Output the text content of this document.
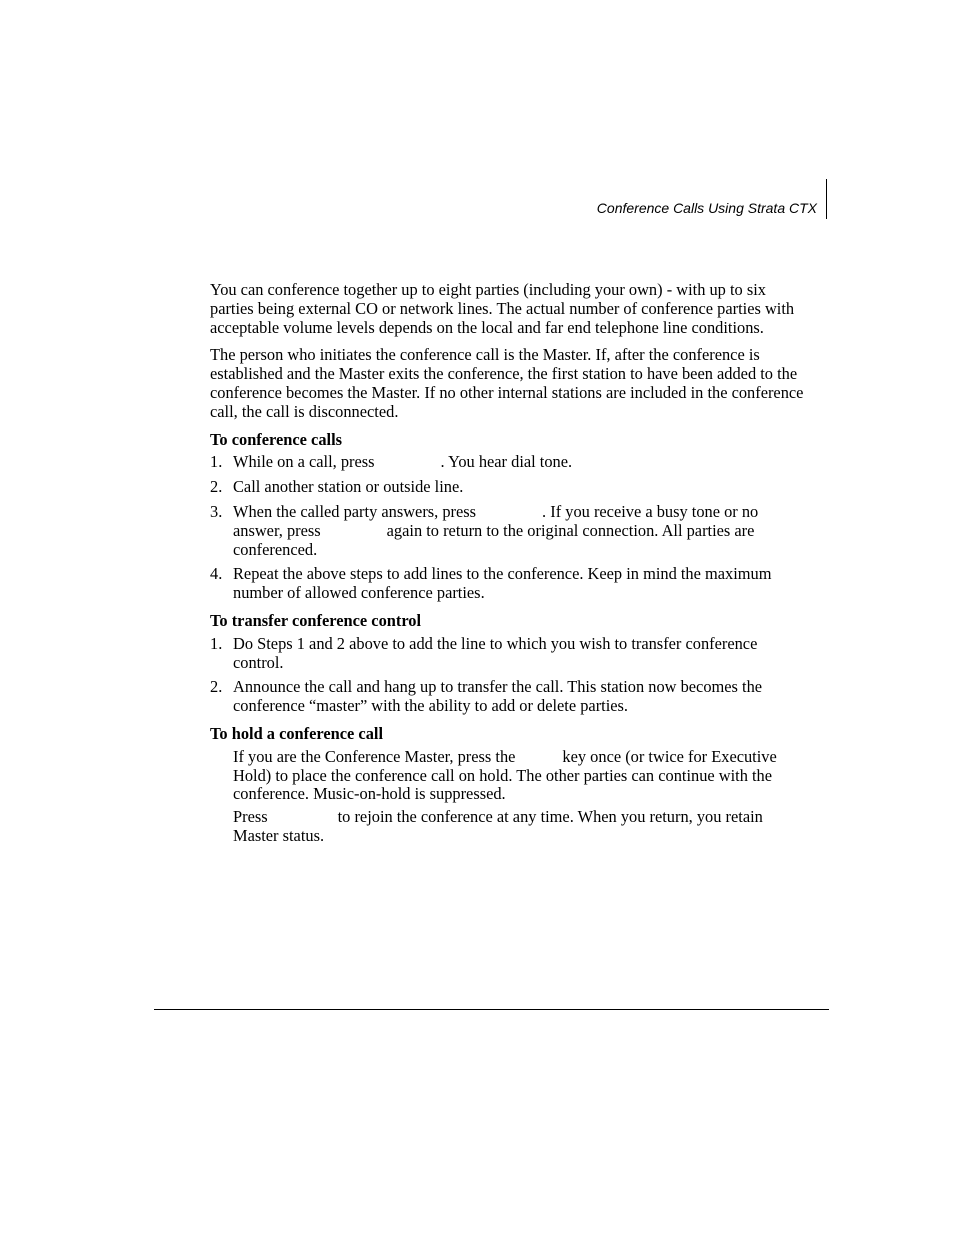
Conference Calls Using Strata CTX

You can conference together up to eight parties (including your own) - with up to six parties being external CO or network lines. The actual number of conference parties with acceptable volume levels depends on the local and far end telephone line conditions.

The person who initiates the conference call is the Master. If, after the conference is established and the Master exits the conference, the first station to have been added to the conference becomes the Master. If no other internal stations are included in the conference call, the call is disconnected.

To conference calls
1. While on a call, press	. You hear dial tone.
2. Call another station or outside line.
3. When the called party answers, press	. If you receive a busy tone or no answer, press	again to return to the original connection. All parties are conferenced.
4. Repeat the above steps to add lines to the conference. Keep in mind the maximum number of allowed conference parties.
To transfer conference control
1. Do Steps 1 and 2 above to add the line to which you wish to transfer conference control.
2. Announce the call and hang up to transfer the call. This station now becomes the conference “master” with the ability to add or delete parties.
To hold a conference call

If you are the Conference Master, press the	key once (or twice for Executive Hold) to place the conference call on hold. The other parties can continue with the conference. Music-on-hold is suppressed.

Press	to rejoin the conference at any time. When you return, you retain Master status.
